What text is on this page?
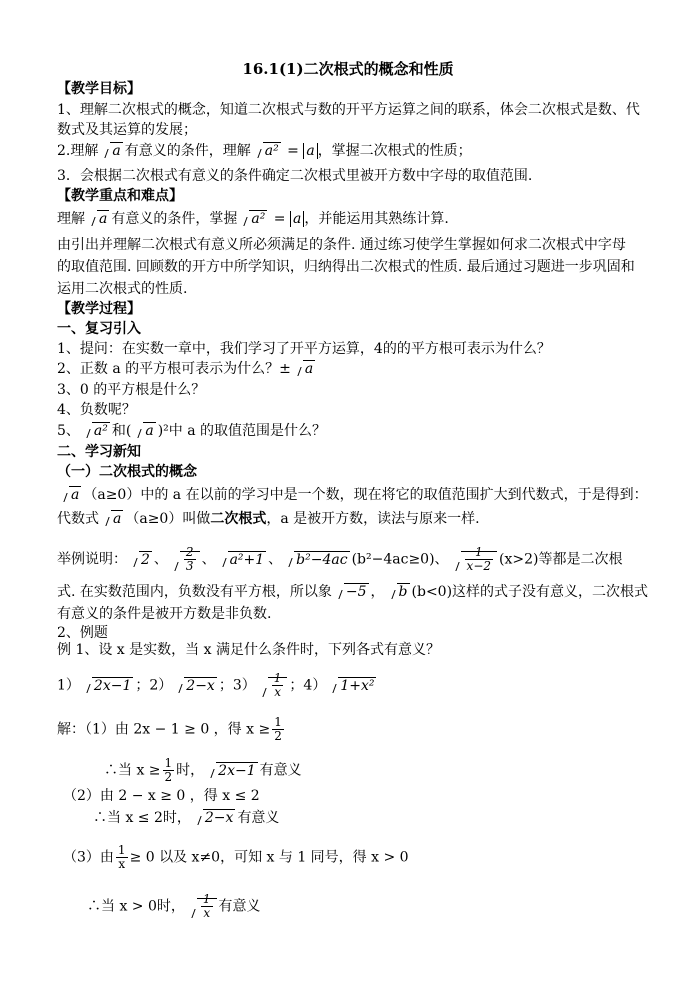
16.1(1)二次根式的概念和性质
【教学目标】
1、理解二次根式的概念，知道二次根式与数的开平方运算之间的联系，体会二次根式是数、代
数式及其运算的发展；
2.理解 a 有意义的条件，理解 a² = a ，掌握二次根式的性质；
3．会根据二次根式有意义的条件确定二次根式里被开方数中字母的取值范围.
【教学重点和难点】
理解 a 有意义的条件，掌握 a² = a ，并能运用其熟练计算.
由引出并理解二次根式有意义所必须满足的条件. 通过练习使学生掌握如何求二次根式中字母
的取值范围. 回顾数的开方中所学知识，归纳得出二次根式的性质. 最后通过习题进一步巩固和
运用二次根式的性质.
【教学过程】
一、复习引入
1、提问：在实数一章中，我们学习了开平方运算，4的的平方根可表示为什么？
2、正数 a 的平方根可表示为什么？± a
3、0 的平方根是什么？
4、负数呢？
5、 a² 和( a )²中 a 的取值范围是什么？
二、学习新知
（一）二次根式的概念
a （a≥0）中的 a 在以前的学习中是一个数，现在将它的取值范围扩大到代数式，于是得到：
代数式 a （a≥0）叫做二次根式，a 是被开方数，读法与原来一样.
举例说明： 2 、 $\frac{2}{3}$ 、 a²+1 、 b²−4ac (b²−4ac≥0)、 $\frac{1}{x-2} (x>2)$等都是二次根
式. 在实数范围内，负数没有平方根，所以象 −5 ， b (b<0)这样的式子没有意义，二次根式
有意义的条件是被开方数是非负数.
2、例题
例 1、设 x 是实数，当 x 满足什么条件时，下列各式有意义？
1） 2x−1 ；2） 2−x ；$3) \frac{1}{x}$ ；4） 1+x²
解：（1）由 2x − 1 ≥ 0 ，得 $x \ge \frac{1}{2}$
∴当 $x \ge \frac{1}{2}$ 时， 2x−1 有意义
（2）由 2 − x ≥ 0 ，得 x ≤ 2
∴当 x ≤ 2时， 2−x 有意义
（3）由 $\frac{1}{x} \ge 0$ 以及 x≠0，可知 x 与 1 同号，得 x > 0
∴当 x > 0时， $\frac{1}{x}$ 有意义
